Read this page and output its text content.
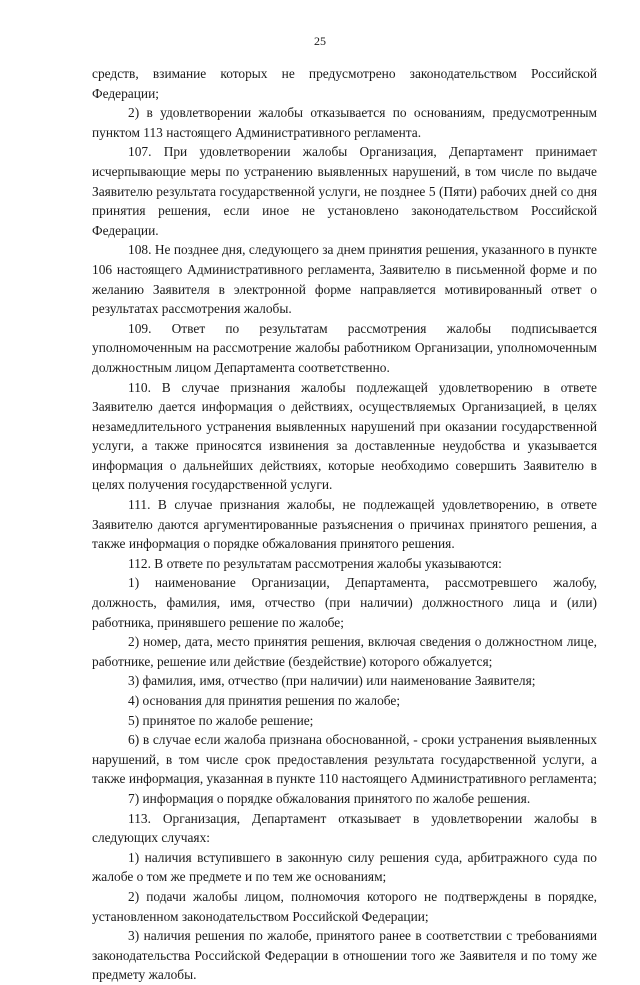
25

средств, взимание которых не предусмотрено законодательством Российской Федерации;

2) в удовлетворении жалобы отказывается по основаниям, предусмотренным пунктом 113 настоящего Административного регламента.

107. При удовлетворении жалобы Организация, Департамент принимает исчерпывающие меры по устранению выявленных нарушений, в том числе по выдаче Заявителю результата государственной услуги, не позднее 5 (Пяти) рабочих дней со дня принятия решения, если иное не установлено законодательством Российской Федерации.

108. Не позднее дня, следующего за днем принятия решения, указанного в пункте 106 настоящего Административного регламента, Заявителю в письменной форме и по желанию Заявителя в электронной форме направляется мотивированный ответ о результатах рассмотрения жалобы.

109. Ответ по результатам рассмотрения жалобы подписывается уполномоченным на рассмотрение жалобы работником Организации, уполномоченным должностным лицом Департамента соответственно.

110. В случае признания жалобы подлежащей удовлетворению в ответе Заявителю дается информация о действиях, осуществляемых Организацией, в целях незамедлительного устранения выявленных нарушений при оказании государственной услуги, а также приносятся извинения за доставленные неудобства и указывается информация о дальнейших действиях, которые необходимо совершить Заявителю в целях получения государственной услуги.

111. В случае признания жалобы, не подлежащей удовлетворению, в ответе Заявителю даются аргументированные разъяснения о причинах принятого решения, а также информация о порядке обжалования принятого решения.

112. В ответе по результатам рассмотрения жалобы указываются:

1) наименование Организации, Департамента, рассмотревшего жалобу, должность, фамилия, имя, отчество (при наличии) должностного лица и (или) работника, принявшего решение по жалобе;

2) номер, дата, место принятия решения, включая сведения о должностном лице, работнике, решение или действие (бездействие) которого обжалуется;

3) фамилия, имя, отчество (при наличии) или наименование Заявителя;

4) основания для принятия решения по жалобе;

5) принятое по жалобе решение;

6) в случае если жалоба признана обоснованной, - сроки устранения выявленных нарушений, в том числе срок предоставления результата государственной услуги, а также информация, указанная в пункте 110 настоящего Административного регламента;

7) информация о порядке обжалования принятого по жалобе решения.

113. Организация, Департамент отказывает в удовлетворении жалобы в следующих случаях:

1) наличия вступившего в законную силу решения суда, арбитражного суда по жалобе о том же предмете и по тем же основаниям;

2) подачи жалобы лицом, полномочия которого не подтверждены в порядке, установленном законодательством Российской Федерации;

3) наличия решения по жалобе, принятого ранее в соответствии с требованиями законодательства Российской Федерации в отношении того же Заявителя и по тому же предмету жалобы.
